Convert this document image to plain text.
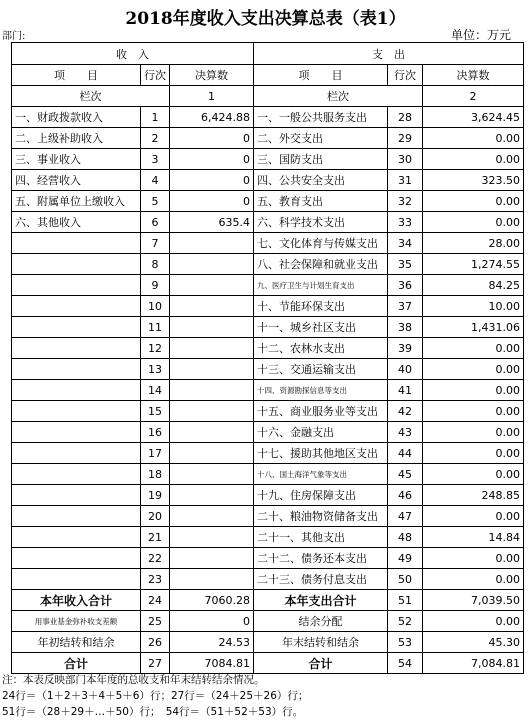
2018年度收入支出决算总表（表1）
部门:	单位：万元
收　入			支　出		
项　　目	行次	决算数	项　　目	行次	决算数
栏次		1	栏次		2
一、财政拨款收入	1	6,424.88	一、一般公共服务支出	28	3,624.45
二、上级补助收入	2	0	二、外交支出	29	0.00
三、事业收入	3	0	三、国防支出	30	0.00
四、经营收入	4	0	四、公共安全支出	31	323.50
五、附属单位上缴收入	5	0	五、教育支出	32	0.00
六、其他收入	6	635.4	六、科学技术支出	33	0.00
	7		七、文化体育与传媒支出	34	28.00
	8		八、社会保障和就业支出	35	1,274.55
	9		九、医疗卫生与计划生育支出	36	84.25
	10		十、节能环保支出	37	10.00
	11		十一、城乡社区支出	38	1,431.06
	12		十二、农林水支出	39	0.00
	13		十三、交通运输支出	40	0.00
	14		十四、资源勘探信息等支出	41	0.00
	15		十五、商业服务业等支出	42	0.00
	16		十六、金融支出	43	0.00
	17		十七、援助其他地区支出	44	0.00
	18		十八、国土海洋气象等支出	45	0.00
	19		十九、住房保障支出	46	248.85
	20		二十、粮油物资储备支出	47	0.00
	21		二十一、其他支出	48	14.84
	22		二十二、债务还本支出	49	0.00
	23		二十三、债务付息支出	50	0.00
本年收入合计	24	7060.28	本年支出合计	51	7,039.50
用事业基金弥补收支差额	25	0	结余分配	52	0.00
年初结转和结余	26	24.53	年末结转和结余	53	45.30
合计	27	7084.81	合计	54	7,084.81
注：本表反映部门本年度的总收支和年末结转结余情况。
24行＝（1＋2＋3＋4＋5＋6）行；27行＝（24＋25＋26）行；
51行＝（28＋29＋…＋50）行；　54行＝（51＋52＋53）行。
